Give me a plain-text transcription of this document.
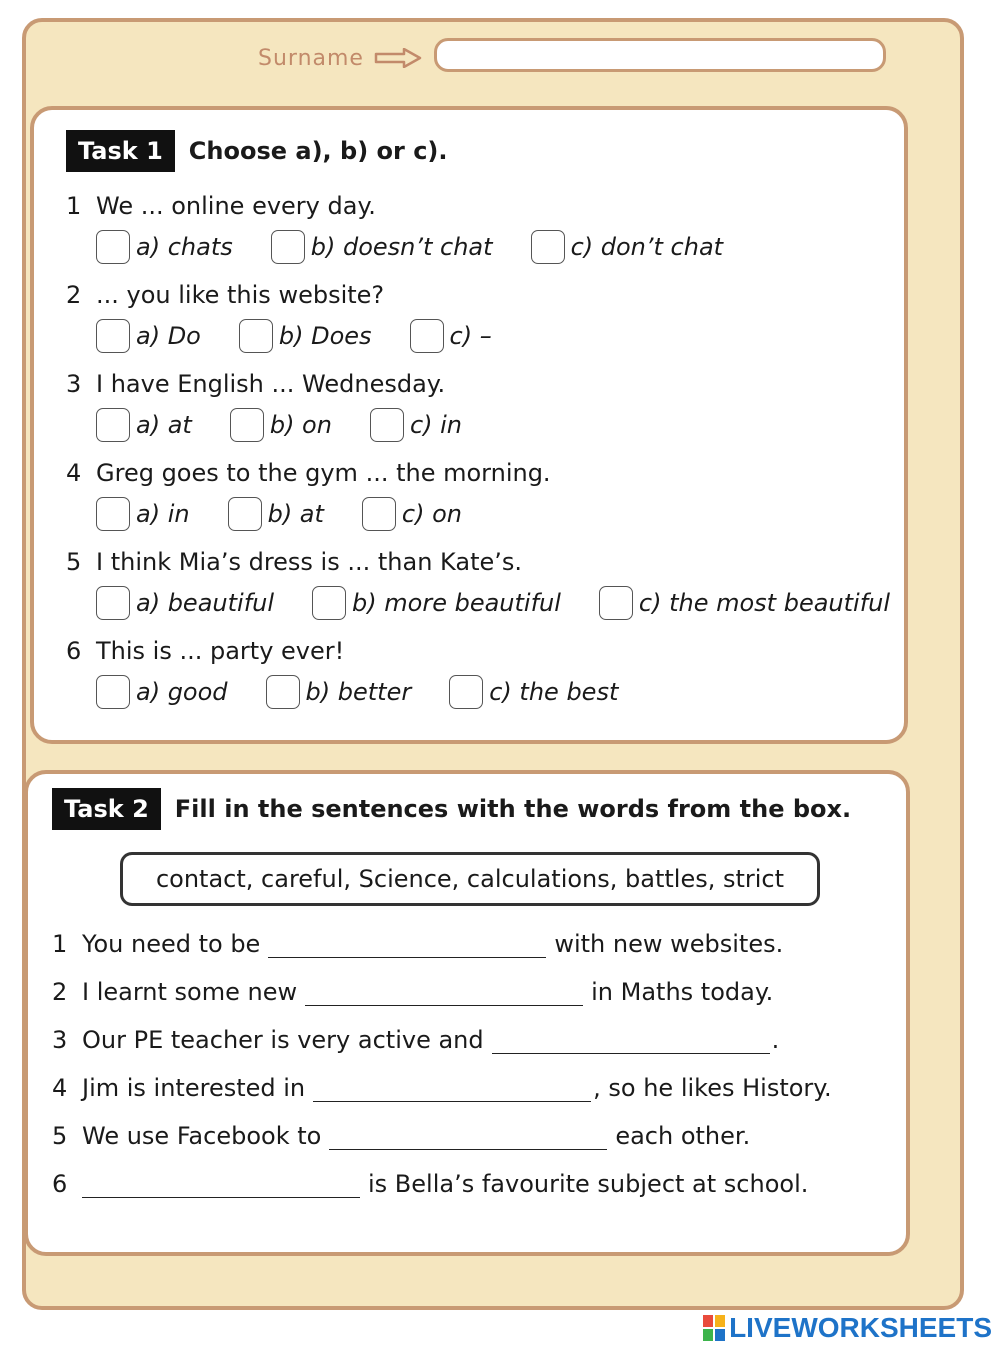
Surname
Task 1	Choose a), b) or c).
1 We ... online every day.
a) chats	b) doesn’t chat	c) don’t chat
2 ... you like this website?
a) Do	b) Does	c) –
3 I have English ... Wednesday.
a) at	b) on	c) in
4 Greg goes to the gym ... the morning.
a) in	b) at	c) on
5 I think Mia’s dress is ... than Kate’s.
a) beautiful	b) more beautiful	c) the most beautiful
6 This is ... party ever!
a) good	b) better	c) the best
Task 2	Fill in the sentences with the words from the box.
contact, careful, Science, calculations, battles, strict
1 You need to be	with new websites.
2 I learnt some new	in Maths today.
3 Our PE teacher is very active and	.
4 Jim is interested in	, so he likes History.
5 We use Facebook to	each other.
6	is Bella’s favourite subject at school.
LIVEWORKSHEETS
